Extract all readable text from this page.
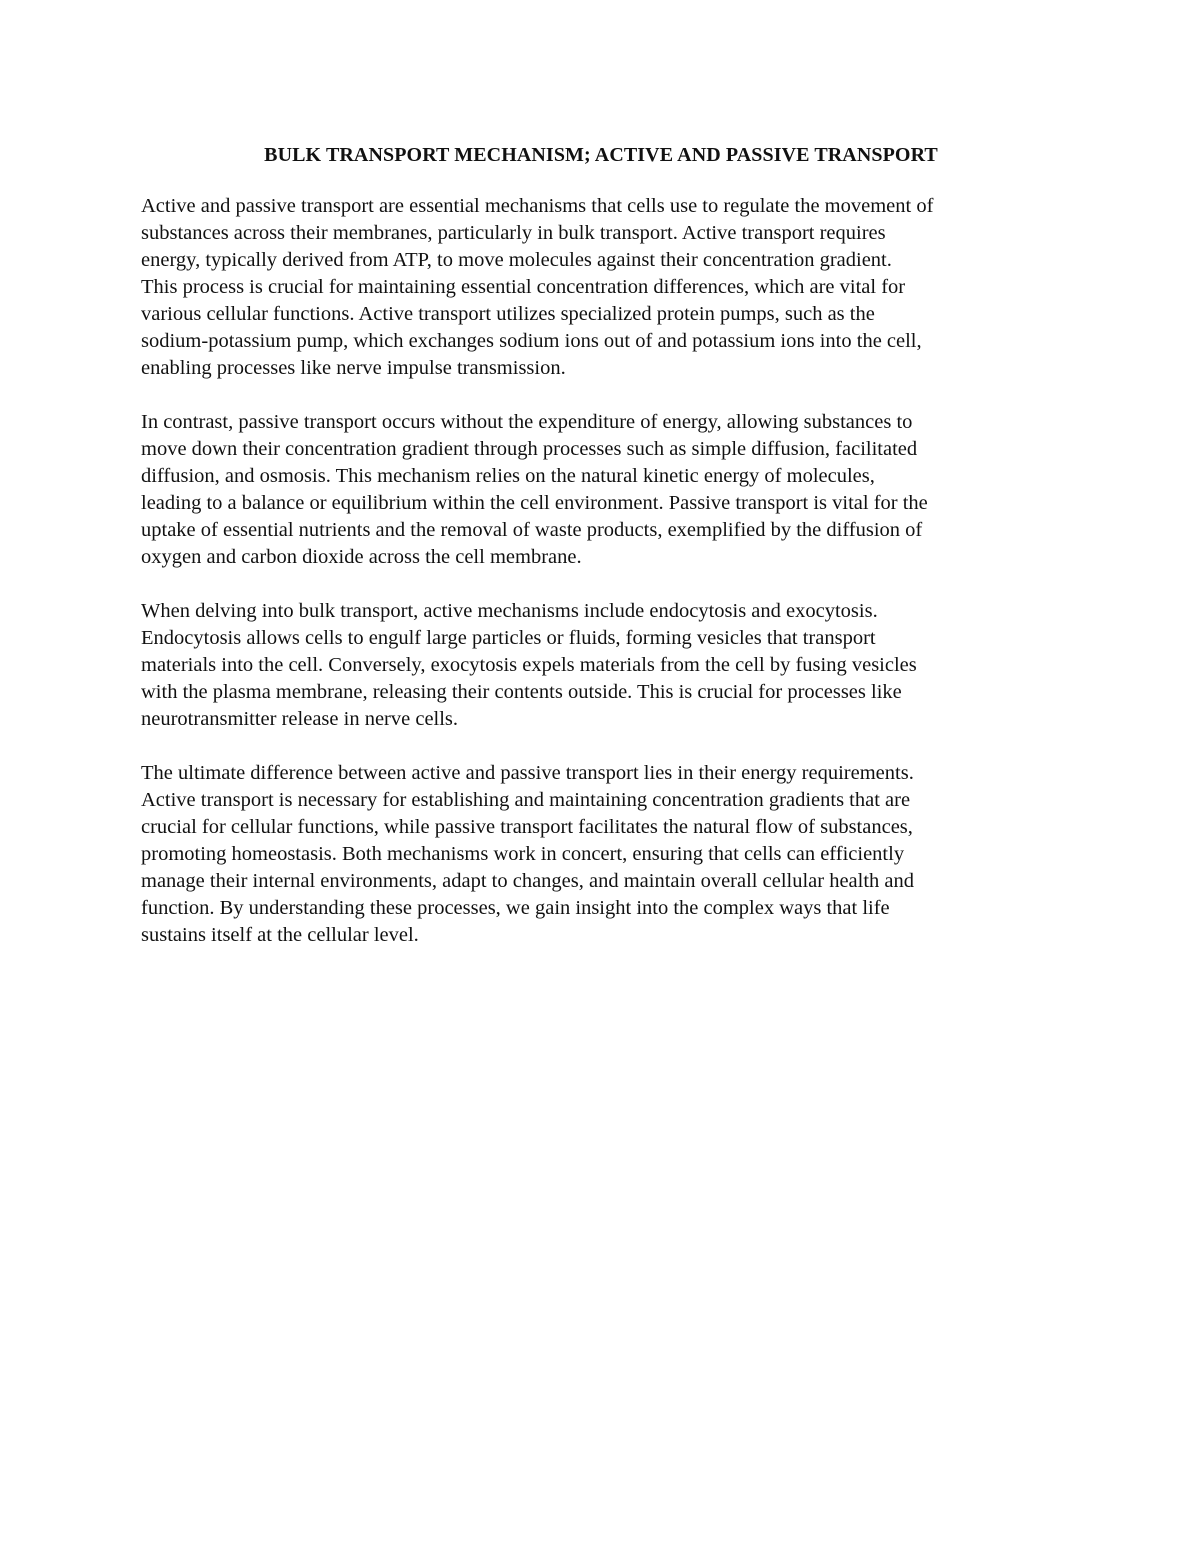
BULK TRANSPORT MECHANISM; ACTIVE AND PASSIVE TRANSPORT
Active and passive transport are essential mechanisms that cells use to regulate the movement of
substances across their membranes, particularly in bulk transport. Active transport requires
energy, typically derived from ATP, to move molecules against their concentration gradient.
This process is crucial for maintaining essential concentration differences, which are vital for
various cellular functions. Active transport utilizes specialized protein pumps, such as the
sodium-potassium pump, which exchanges sodium ions out of and potassium ions into the cell,
enabling processes like nerve impulse transmission.
In contrast, passive transport occurs without the expenditure of energy, allowing substances to
move down their concentration gradient through processes such as simple diffusion, facilitated
diffusion, and osmosis. This mechanism relies on the natural kinetic energy of molecules,
leading to a balance or equilibrium within the cell environment. Passive transport is vital for the
uptake of essential nutrients and the removal of waste products, exemplified by the diffusion of
oxygen and carbon dioxide across the cell membrane.
When delving into bulk transport, active mechanisms include endocytosis and exocytosis.
Endocytosis allows cells to engulf large particles or fluids, forming vesicles that transport
materials into the cell. Conversely, exocytosis expels materials from the cell by fusing vesicles
with the plasma membrane, releasing their contents outside. This is crucial for processes like
neurotransmitter release in nerve cells.
The ultimate difference between active and passive transport lies in their energy requirements.
Active transport is necessary for establishing and maintaining concentration gradients that are
crucial for cellular functions, while passive transport facilitates the natural flow of substances,
promoting homeostasis. Both mechanisms work in concert, ensuring that cells can efficiently
manage their internal environments, adapt to changes, and maintain overall cellular health and
function. By understanding these processes, we gain insight into the complex ways that life
sustains itself at the cellular level.
